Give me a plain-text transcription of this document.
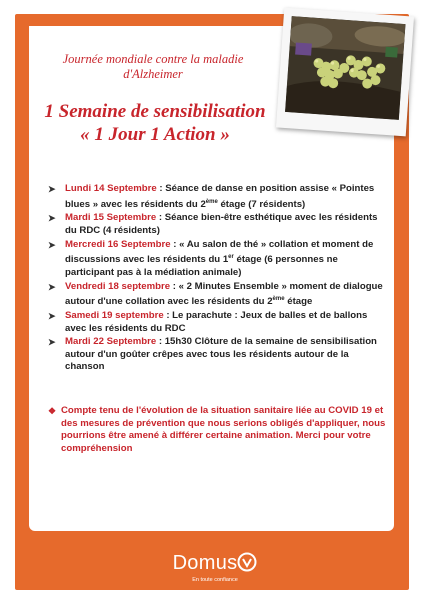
Journée mondiale contre la maladie d'Alzheimer
1 Semaine de sensibilisation
« 1 Jour 1 Action »
➤ Lundi 14 Septembre : Séance de danse en position assise « Pointes blues » avec les résidents du 2ème étage (7 résidents)
➤ Mardi 15 Septembre : Séance bien-être esthétique avec les résidents du RDC (4 résidents)
➤ Mercredi 16 Septembre : « Au salon de thé » collation et moment de discussions avec les résidents du 1er étage (6 personnes ne participant pas à la médiation animale)
➤ Vendredi 18 septembre : « 2 Minutes Ensemble » moment de dialogue autour d'une collation avec les résidents du 2ème étage
➤ Samedi 19 septembre : Le parachute : Jeux de balles et de ballons avec les résidents du RDC
➤ Mardi 22 Septembre : 15h30 Clôture de la semaine de sensibilisation autour d'un goûter crêpes avec tous les résidents autour de la chanson
❖ Compte tenu de l'évolution de la situation sanitaire liée au COVID 19 et des mesures de prévention que nous serions obligés d'appliquer, nous pourrions être amené à différer certaine animation. Merci pour votre compréhension
Domus
En toute confiance
